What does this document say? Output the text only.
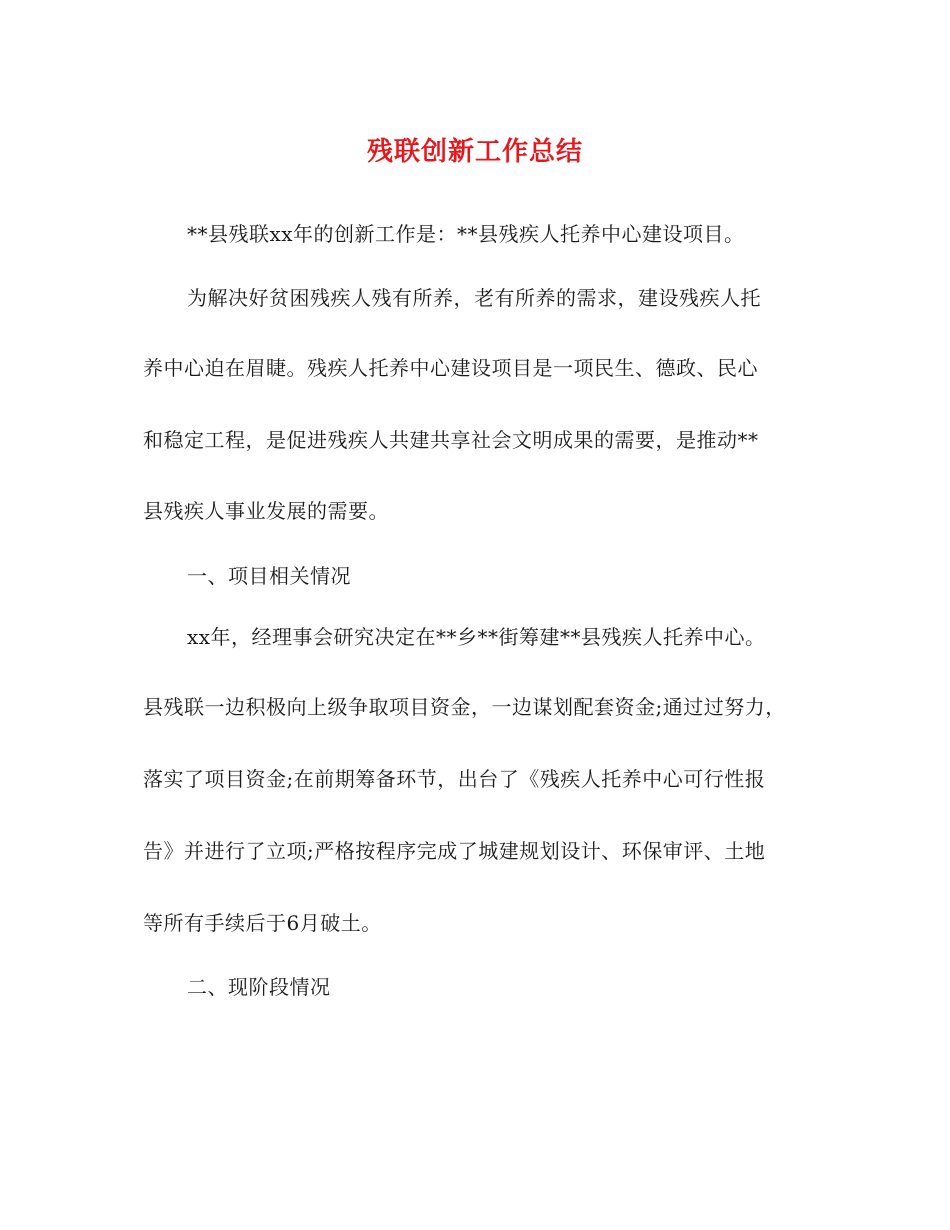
残联创新工作总结
**县残联xx年的创新工作是：**县残疾人托养中心建设项目。
为解决好贫困残疾人残有所养，老有所养的需求，建设残疾人托
养中心迫在眉睫。残疾人托养中心建设项目是一项民生、德政、民心
和稳定工程，是促进残疾人共建共享社会文明成果的需要，是推动**
县残疾人事业发展的需要。
一、项目相关情况
xx年，经理事会研究决定在**乡**街筹建**县残疾人托养中心。
县残联一边积极向上级争取项目资金，一边谋划配套资金;通过过努力，
落实了项目资金;在前期筹备环节，出台了《残疾人托养中心可行性报
告》并进行了立项;严格按程序完成了城建规划设计、环保审评、土地
等所有手续后于6月破土。
二、现阶段情况
